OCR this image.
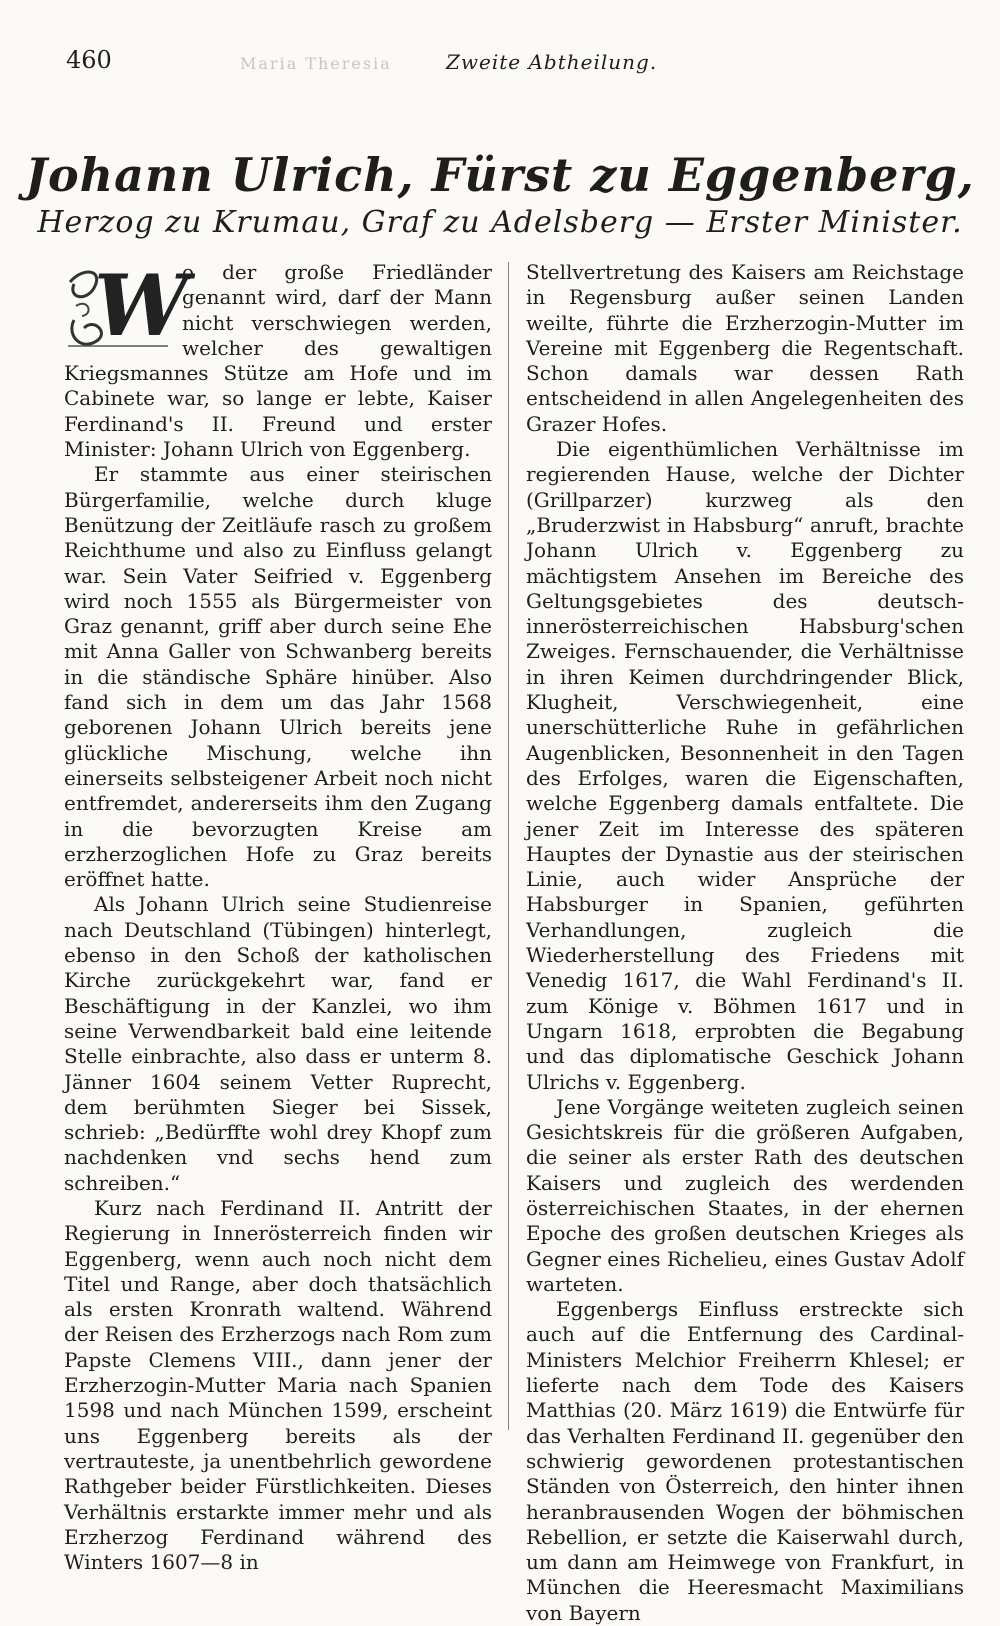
460	Zweite Abtheilung.
Maria Theresia
Johann Ulrich, Fürst zu Eggenberg,
Herzog zu Krumau, Graf zu Adelsberg — Erster Minister.
W

o der große Friedländer genannt wird, darf der Mann nicht verschwiegen werden, welcher des gewaltigen Kriegsmannes Stütze am Hofe und im Cabinete war, so lange er lebte, Kaiser Ferdinand's II. Freund und erster Minister: Johann Ulrich von Eggenberg.

Er stammte aus einer steirischen Bürgerfamilie, welche durch kluge Benützung der Zeitläufe rasch zu großem Reichthume und also zu Einfluss gelangt war. Sein Vater Seifried v. Eggenberg wird noch 1555 als Bürgermeister von Graz genannt, griff aber durch seine Ehe mit Anna Galler von Schwanberg bereits in die ständische Sphäre hinüber. Also fand sich in dem um das Jahr 1568 geborenen Johann Ulrich bereits jene glückliche Mischung, welche ihn einerseits selbsteigener Arbeit noch nicht entfremdet, andererseits ihm den Zugang in die bevorzugten Kreise am erzherzoglichen Hofe zu Graz bereits eröffnet hatte.

Als Johann Ulrich seine Studienreise nach Deutschland (Tübingen) hinterlegt, ebenso in den Schoß der katholischen Kirche zurückgekehrt war, fand er Beschäftigung in der Kanzlei, wo ihm seine Verwendbarkeit bald eine leitende Stelle einbrachte, also dass er unterm 8. Jänner 1604 seinem Vetter Ruprecht, dem berühmten Sieger bei Sissek, schrieb: „Bedürffte wohl drey Khopf zum nachdenken vnd sechs hend zum schreiben.“

Kurz nach Ferdinand II. Antritt der Regierung in Innerösterreich finden wir Eggenberg, wenn auch noch nicht dem Titel und Range, aber doch thatsächlich als ersten Kronrath waltend. Während der Reisen des Erzherzogs nach Rom zum Papste Clemens VIII., dann jener der Erzherzogin-Mutter Maria nach Spanien 1598 und nach München 1599, erscheint uns Eggenberg bereits als der vertrauteste, ja unentbehrlich gewordene Rathgeber beider Fürstlichkeiten. Dieses Verhältnis erstarkte immer mehr und als Erzherzog Ferdinand während des Winters 1607—8 in

Stellvertretung des Kaisers am Reichstage in Regensburg außer seinen Landen weilte, führte die Erzherzogin-Mutter im Vereine mit Eggenberg die Regentschaft. Schon damals war dessen Rath entscheidend in allen Angelegenheiten des Grazer Hofes.

Die eigenthümlichen Verhältnisse im regierenden Hause, welche der Dichter (Grillparzer) kurzweg als den „Bruderzwist in Habsburg“ anruft, brachte Johann Ulrich v. Eggenberg zu mächtigstem Ansehen im Bereiche des Geltungsgebietes des deutsch-innerösterreichischen Habsburg'schen Zweiges. Fernschauender, die Verhältnisse in ihren Keimen durchdringender Blick, Klugheit, Verschwiegenheit, eine unerschütterliche Ruhe in gefährlichen Augenblicken, Besonnenheit in den Tagen des Erfolges, waren die Eigenschaften, welche Eggenberg damals entfaltete. Die jener Zeit im Interesse des späteren Hauptes der Dynastie aus der steirischen Linie, auch wider Ansprüche der Habsburger in Spanien, geführten Verhandlungen, zugleich die Wiederherstellung des Friedens mit Venedig 1617, die Wahl Ferdinand's II. zum Könige v. Böhmen 1617 und in Ungarn 1618, erprobten die Begabung und das diplomatische Geschick Johann Ulrichs v. Eggenberg.

Jene Vorgänge weiteten zugleich seinen Gesichtskreis für die größeren Aufgaben, die seiner als erster Rath des deutschen Kaisers und zugleich des werdenden österreichischen Staates, in der ehernen Epoche des großen deutschen Krieges als Gegner eines Richelieu, eines Gustav Adolf warteten.

Eggenbergs Einfluss erstreckte sich auch auf die Entfernung des Cardinal-Ministers Melchior Freiherrn Khlesel; er lieferte nach dem Tode des Kaisers Matthias (20. März 1619) die Entwürfe für das Verhalten Ferdinand II. gegenüber den schwierig gewordenen protestantischen Ständen von Österreich, den hinter ihnen heranbrausenden Wogen der böhmischen Rebellion, er setzte die Kaiserwahl durch, um dann am Heimwege von Frankfurt, in München die Heeresmacht Maximilians von Bayern
